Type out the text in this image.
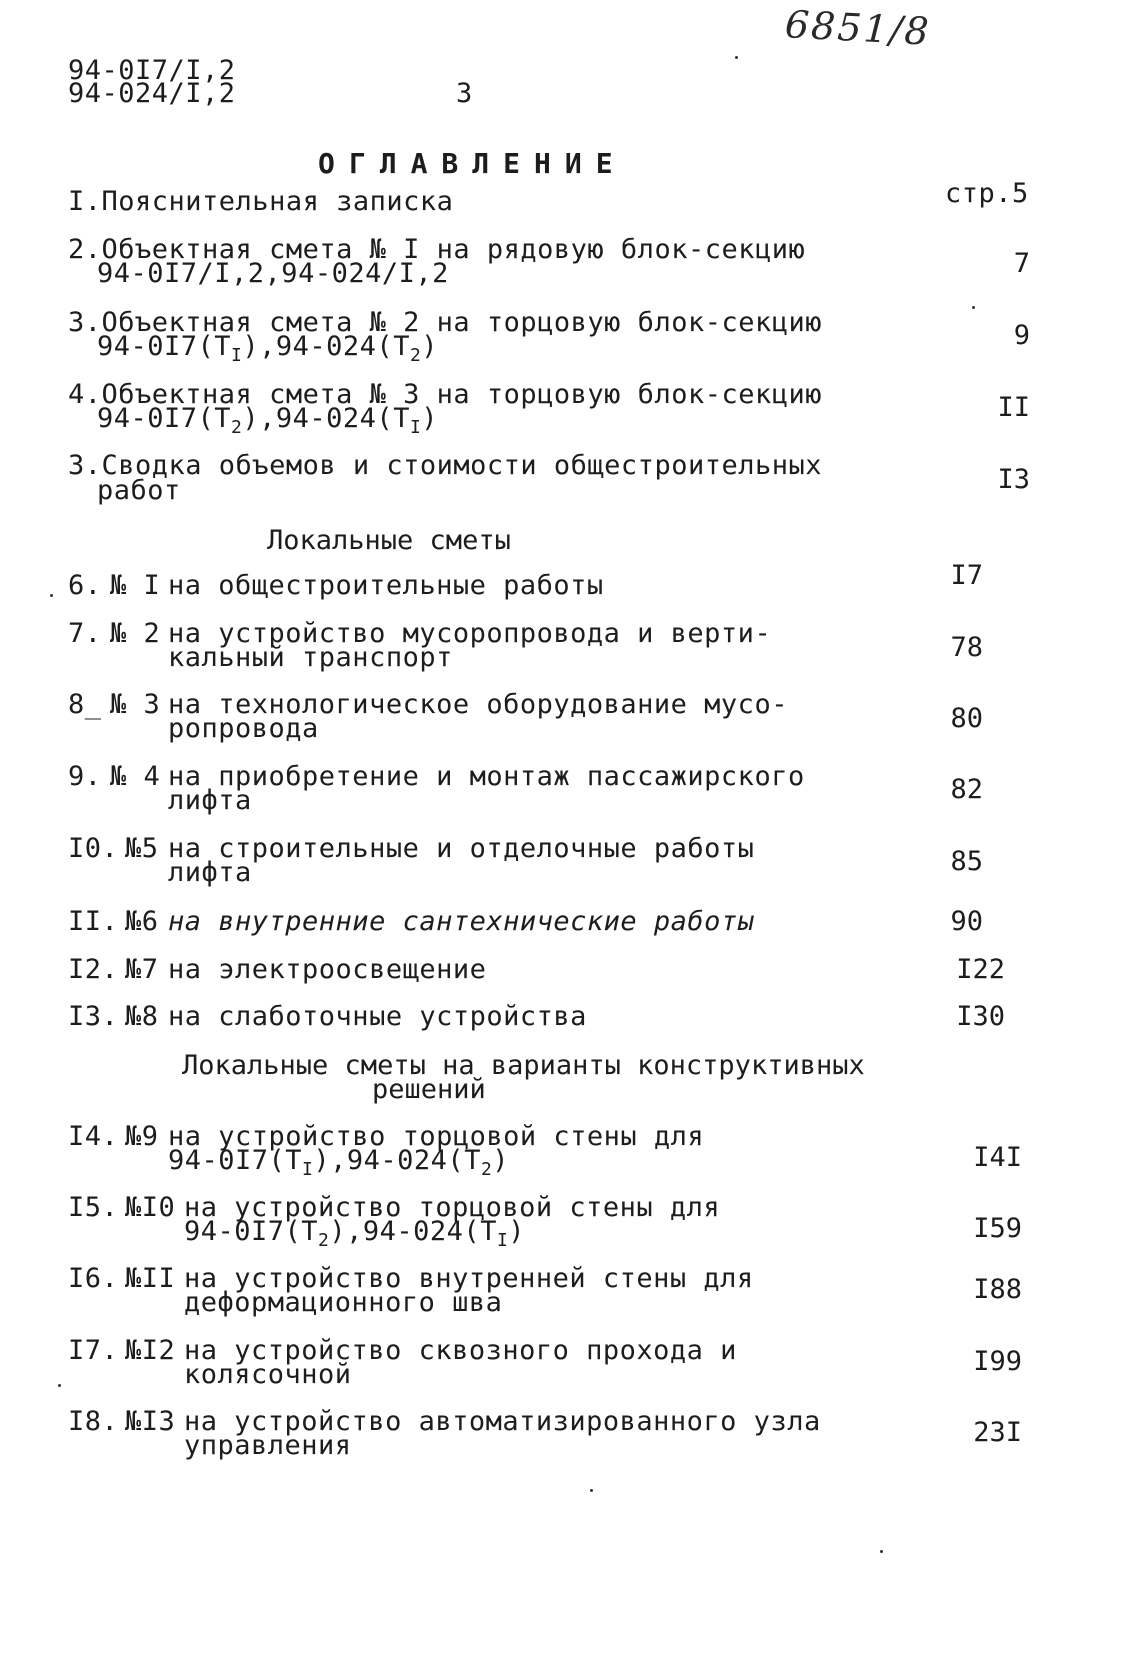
94-0I7/I,2
94-024/I,2	3
6851/8
ОГЛАВЛЕНИЕ
I.Пояснительная записка	стр.5
2.Объектная смета № I на рядовую блок-секцию
94-0I7/I,2,94-024/I,2	7
3.Объектная смета № 2 на торцовую блок-секцию
$94-0I7(T_I),94-024(T_2)$	9
4.Объектная смета № 3 на торцовую блок-секцию
$94-0I7(T_2),94-024(T_I)$	II
3.Сводка объемов и стоимости общестроительных
работ	I3
Локальные сметы
6. № I на общестроительные работы	I7
7. № 2 на устройство мусоропровода и верти-
кальный транспорт	78
8_ № 3 на технологическое оборудование мусо-
ропровода	80
9. № 4 на приобретение и монтаж пассажирского
лифта	82
I0. №5 на строительные и отделочные работы
лифта	85
II. №6 на внутренние сантехнические работы	90
I2. №7 на электроосвещение	I22
I3. №8 на слаботочные устройства	I30
Локальные сметы на варианты конструктивных
решений
I4. №9 на устройство торцовой стены для
$94-0I7(T_I),94-024(T_2)$	I4I
I5. №I0 на устройство торцовой стены для
$94-0I7(T_2),94-024(T_I)$	I59
I6. №II на устройство внутренней стены для
деформационного шва	I88
I7. №I2 на устройство сквозного прохода и
колясочной	I99
I8. №I3 на устройство автоматизированного узла
управления	23I
